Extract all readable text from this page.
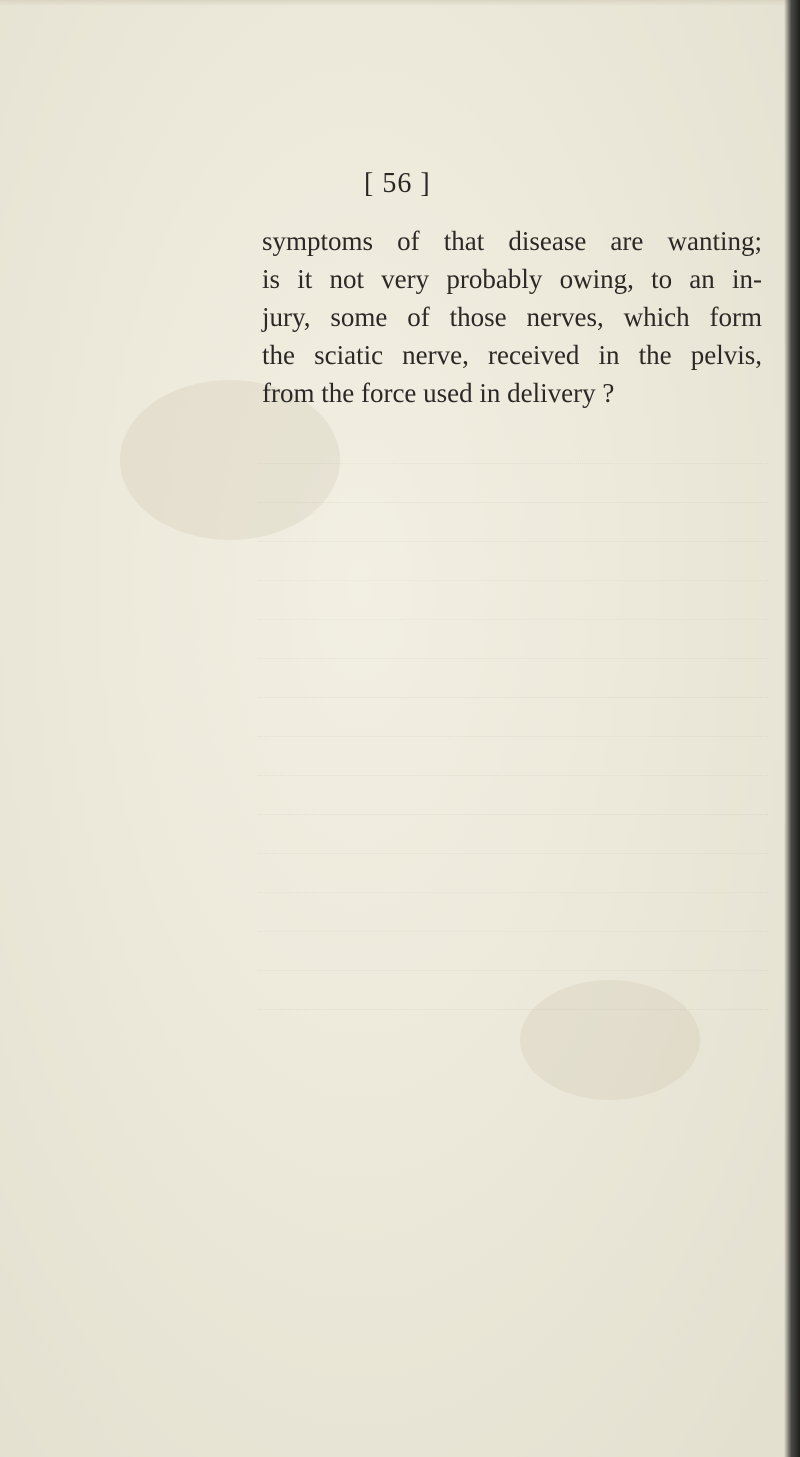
[ 56 ]
symptoms of that disease are wanting;
is it not very probably owing, to an in-
jury, some of those nerves, which form
the sciatic nerve, received in the pelvis,
from the force used in delivery ?
